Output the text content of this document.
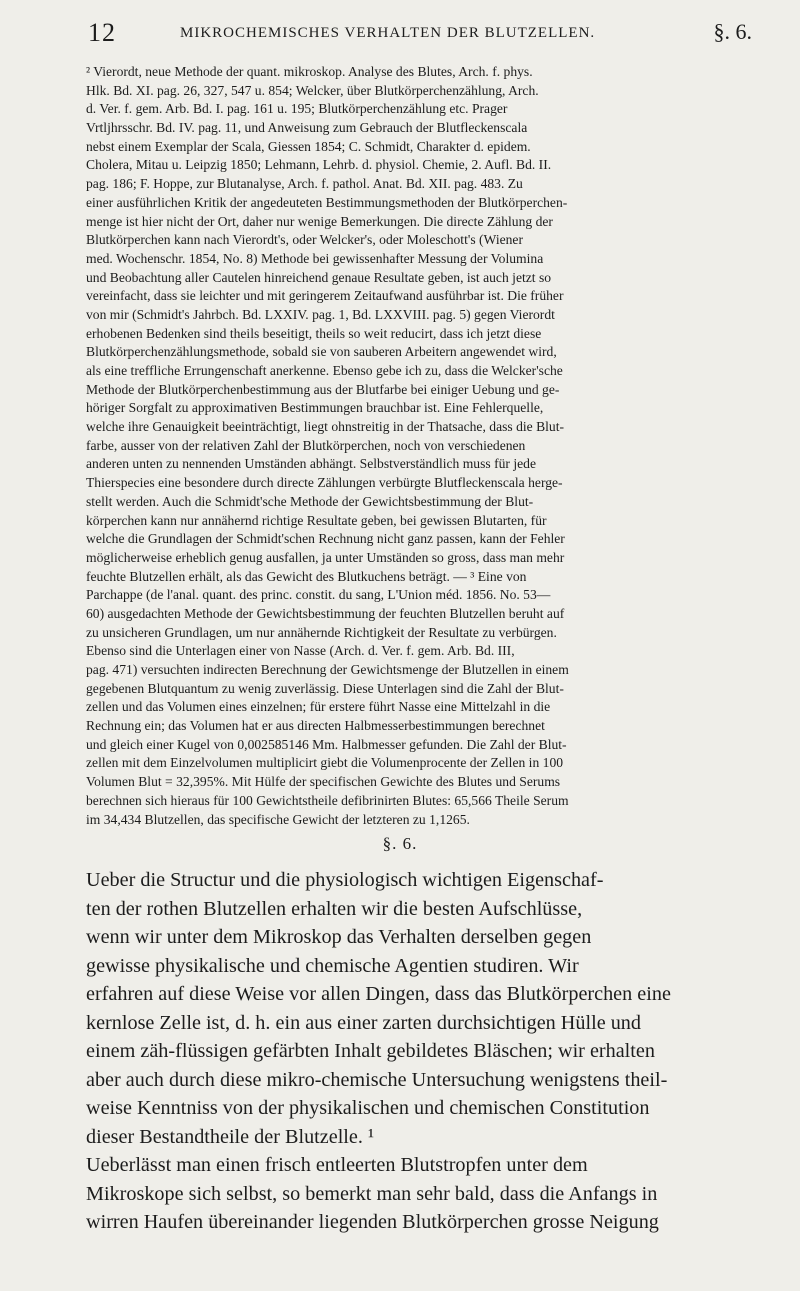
12	MIKROCHEMISCHES VERHALTEN DER BLUTZELLEN.	§. 6.
² Vierordt, neue Methode der quant. mikroskop. Analyse des Blutes, Arch. f. phys.
Hlk. Bd. XI. pag. 26, 327, 547 u. 854; Welcker, über Blutkörperchenzählung, Arch.
d. Ver. f. gem. Arb. Bd. I. pag. 161 u. 195; Blutkörperchenzählung etc. Prager
Vrtljhrsschr. Bd. IV. pag. 11, und Anweisung zum Gebrauch der Blutfleckenscala
nebst einem Exemplar der Scala, Giessen 1854; C. Schmidt, Charakter d. epidem.
Cholera, Mitau u. Leipzig 1850; Lehmann, Lehrb. d. physiol. Chemie, 2. Aufl. Bd. II.
pag. 186; F. Hoppe, zur Blutanalyse, Arch. f. pathol. Anat. Bd. XII. pag. 483. Zu
einer ausführlichen Kritik der angedeuteten Bestimmungsmethoden der Blutkörperchen-
menge ist hier nicht der Ort, daher nur wenige Bemerkungen. Die directe Zählung der
Blutkörperchen kann nach Vierordt's, oder Welcker's, oder Moleschott's (Wiener
med. Wochenschr. 1854, No. 8) Methode bei gewissenhafter Messung der Volumina
und Beobachtung aller Cautelen hinreichend genaue Resultate geben, ist auch jetzt so
vereinfacht, dass sie leichter und mit geringerem Zeitaufwand ausführbar ist. Die früher
von mir (Schmidt's Jahrbch. Bd. LXXIV. pag. 1, Bd. LXXVIII. pag. 5) gegen Vierordt
erhobenen Bedenken sind theils beseitigt, theils so weit reducirt, dass ich jetzt diese
Blutkörperchenzählungsmethode, sobald sie von sauberen Arbeitern angewendet wird,
als eine treffliche Errungenschaft anerkenne. Ebenso gebe ich zu, dass die Welcker'sche
Methode der Blutkörperchenbestimmung aus der Blutfarbe bei einiger Uebung und ge-
höriger Sorgfalt zu approximativen Bestimmungen brauchbar ist. Eine Fehlerquelle,
welche ihre Genauigkeit beeinträchtigt, liegt ohnstreitig in der Thatsache, dass die Blut-
farbe, ausser von der relativen Zahl der Blutkörperchen, noch von verschiedenen
anderen unten zu nennenden Umständen abhängt. Selbstverständlich muss für jede
Thierspecies eine besondere durch directe Zählungen verbürgte Blutfleckenscala herge-
stellt werden. Auch die Schmidt'sche Methode der Gewichtsbestimmung der Blut-
körperchen kann nur annähernd richtige Resultate geben, bei gewissen Blutarten, für
welche die Grundlagen der Schmidt'schen Rechnung nicht ganz passen, kann der Fehler
möglicherweise erheblich genug ausfallen, ja unter Umständen so gross, dass man mehr
feuchte Blutzellen erhält, als das Gewicht des Blutkuchens beträgt. — ³ Eine von
Parchappe (de l'anal. quant. des princ. constit. du sang, L'Union méd. 1856. No. 53—
60) ausgedachten Methode der Gewichtsbestimmung der feuchten Blutzellen beruht auf
zu unsicheren Grundlagen, um nur annähernde Richtigkeit der Resultate zu verbürgen.
Ebenso sind die Unterlagen einer von Nasse (Arch. d. Ver. f. gem. Arb. Bd. III,
pag. 471) versuchten indirecten Berechnung der Gewichtsmenge der Blutzellen in einem
gegebenen Blutquantum zu wenig zuverlässig. Diese Unterlagen sind die Zahl der Blut-
zellen und das Volumen eines einzelnen; für erstere führt Nasse eine Mittelzahl in die
Rechnung ein; das Volumen hat er aus directen Halbmesserbestimmungen berechnet
und gleich einer Kugel von 0,002585146 Mm. Halbmesser gefunden. Die Zahl der Blut-
zellen mit dem Einzelvolumen multiplicirt giebt die Volumenprocente der Zellen in 100
Volumen Blut = 32,395%. Mit Hülfe der specifischen Gewichte des Blutes und Serums
berechnen sich hieraus für 100 Gewichtstheile defibrinirten Blutes: 65,566 Theile Serum
im 34,434 Blutzellen, das specifische Gewicht der letzteren zu 1,1265.
§. 6.
Ueber die Structur und die physiologisch wichtigen Eigenschaf-
ten der rothen Blutzellen erhalten wir die besten Aufschlüsse,
wenn wir unter dem Mikroskop das Verhalten derselben gegen
gewisse physikalische und chemische Agentien studiren. Wir
erfahren auf diese Weise vor allen Dingen, dass das Blutkörperchen eine
kernlose Zelle ist, d. h. ein aus einer zarten durchsichtigen Hülle und
einem zäh-flüssigen gefärbten Inhalt gebildetes Bläschen; wir erhalten
aber auch durch diese mikro-chemische Untersuchung wenigstens theil-
weise Kenntniss von der physikalischen und chemischen Constitution
dieser Bestandtheile der Blutzelle. ¹
Ueberlässt man einen frisch entleerten Blutstropfen unter dem
Mikroskope sich selbst, so bemerkt man sehr bald, dass die Anfangs in
wirren Haufen übereinander liegenden Blutkörperchen grosse Neigung
